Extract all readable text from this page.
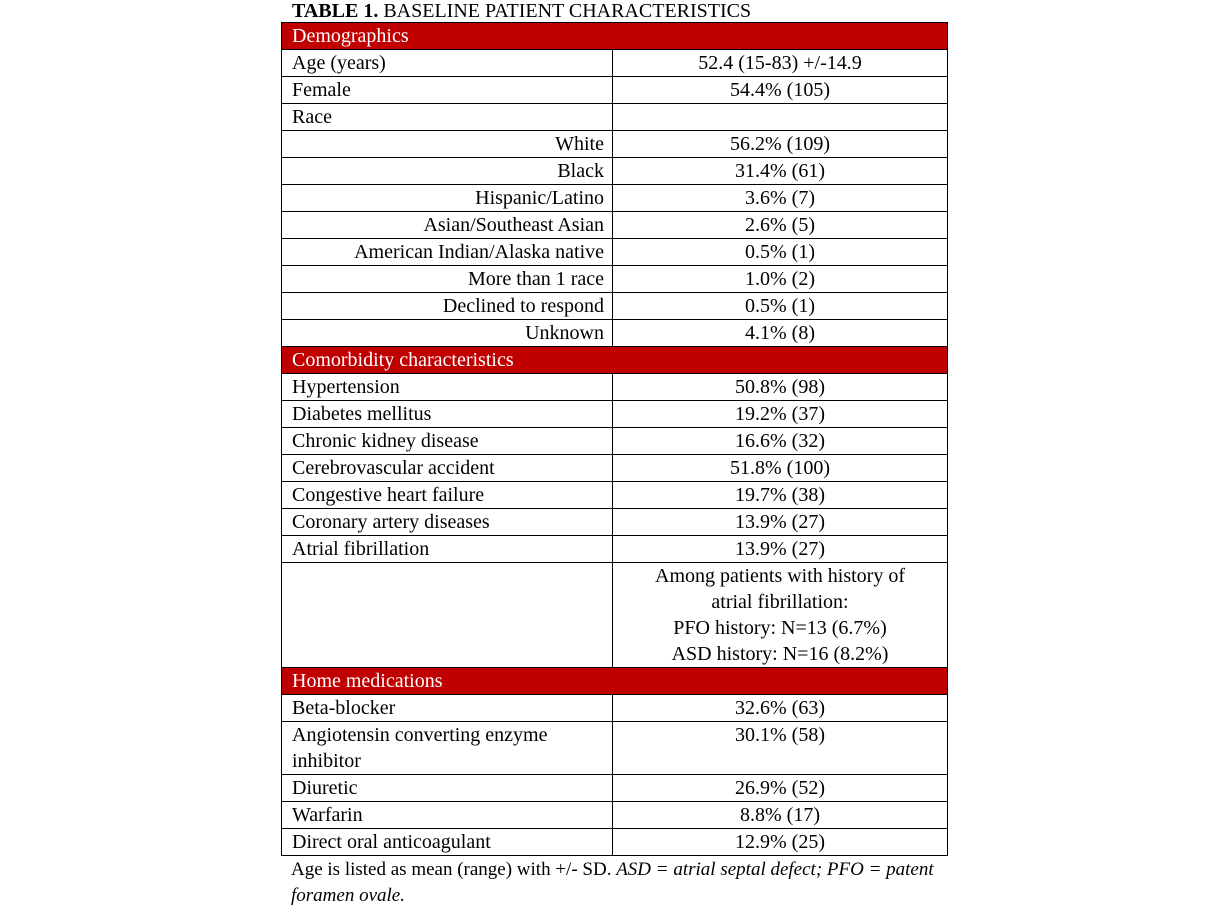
TABLE 1. BASELINE PATIENT CHARACTERISTICS
Demographics	
Age (years)	52.4 (15-83) +/-14.9
Female	54.4% (105)
Race	
White	56.2% (109)
Black	31.4% (61)
Hispanic/Latino	3.6% (7)
Asian/Southeast Asian	2.6% (5)
American Indian/Alaska native	0.5% (1)
More than 1 race	1.0% (2)
Declined to respond	0.5% (1)
Unknown	4.1% (8)
Comorbidity characteristics	
Hypertension	50.8% (98)
Diabetes mellitus	19.2% (37)
Chronic kidney disease	16.6% (32)
Cerebrovascular accident	51.8% (100)
Congestive heart failure	19.7% (38)
Coronary artery diseases	13.9% (27)
Atrial fibrillation	13.9% (27)

	Among patients with history of
atrial fibrillation:
PFO history: N=13 (6.7%)
ASD history: N=16 (8.2%)

Home medications	
Beta-blocker	32.6% (63)
Angiotensin converting enzyme inhibitor	30.1% (58)
Diuretic	26.9% (52)
Warfarin	8.8% (17)
Direct oral anticoagulant	12.9% (25)
Age is listed as mean (range) with +/- SD. ASD = atrial septal defect; PFO = patent foramen ovale.
